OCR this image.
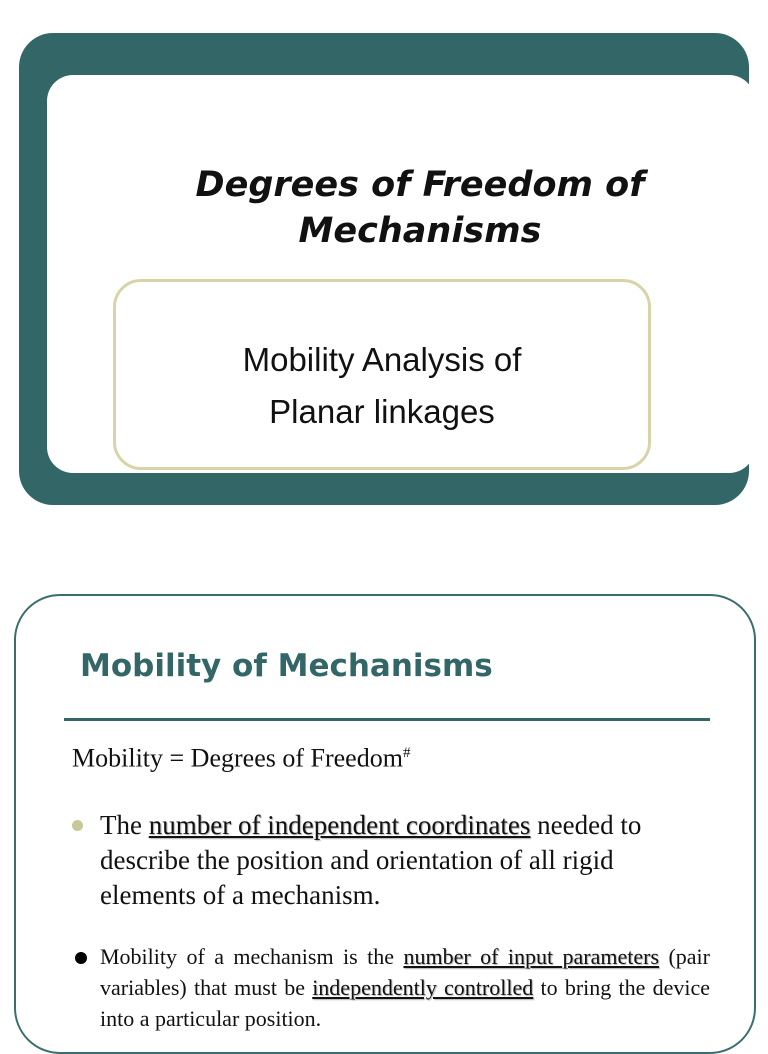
Degrees of Freedom of
Mechanisms
Mobility Analysis of
Planar linkages
Mobility of Mechanisms
Mobility = Degrees of Freedom#
The number of independent coordinates needed to describe the position and orientation of all rigid elements of a mechanism.
Mobility of a mechanism is the number of input parameters (pair variables) that must be independently controlled to bring the device into a particular position.
